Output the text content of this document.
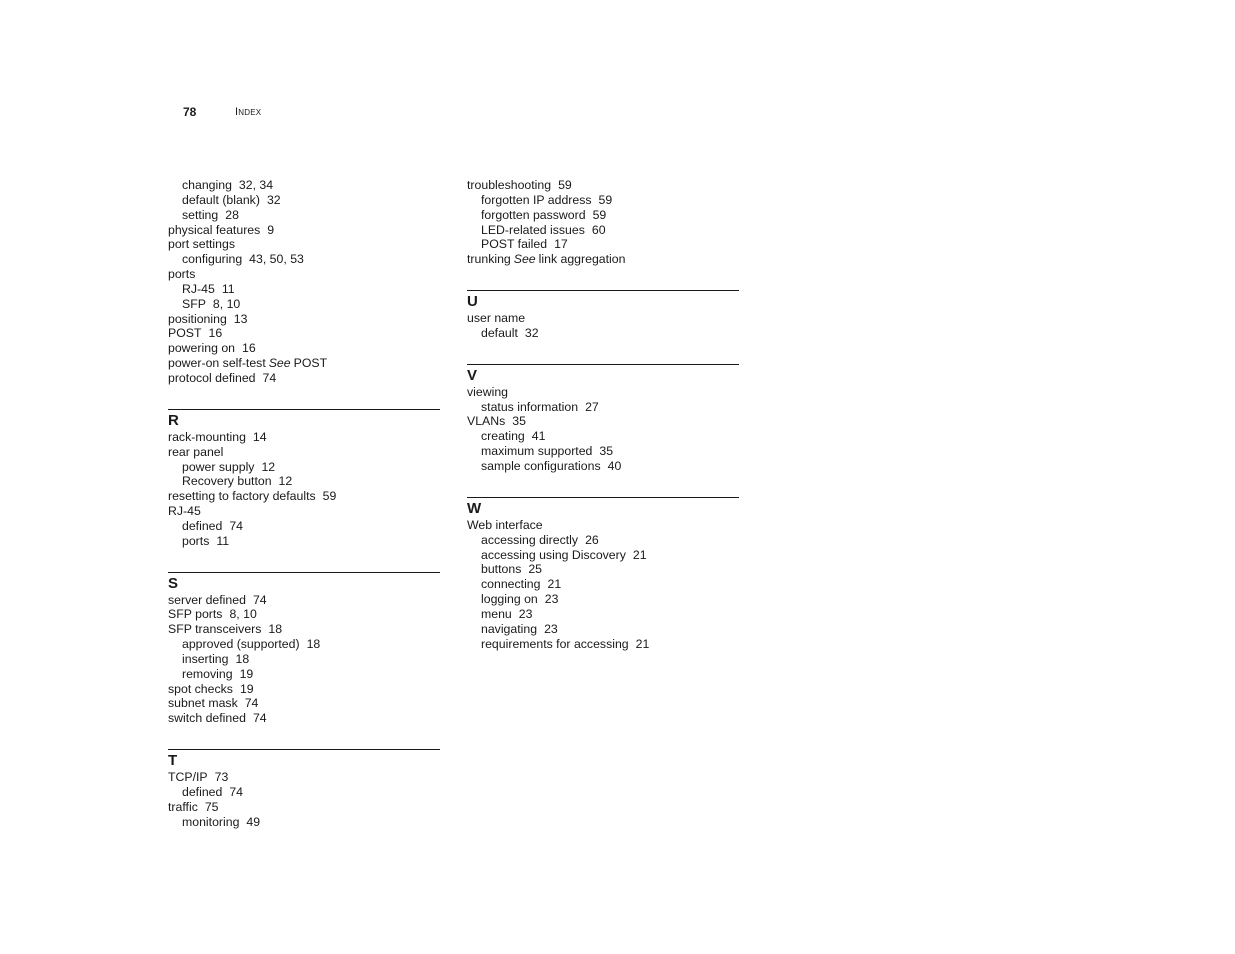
78	Index
changing 32, 34
default (blank) 32
setting 28
physical features 9
port settings
configuring 43, 50, 53
ports
RJ-45 11
SFP 8, 10
positioning 13
POST 16
powering on 16
power-on self-test See POST
protocol defined 74
R
rack-mounting 14
rear panel
power supply 12
Recovery button 12
resetting to factory defaults 59
RJ-45
defined 74
ports 11
S
server defined 74
SFP ports 8, 10
SFP transceivers 18
approved (supported) 18
inserting 18
removing 19
spot checks 19
subnet mask 74
switch defined 74
T
TCP/IP 73
defined 74
traffic 75
monitoring 49
troubleshooting 59
forgotten IP address 59
forgotten password 59
LED-related issues 60
POST failed 17
trunking See link aggregation
U
user name
default 32
V
viewing
status information 27
VLANs 35
creating 41
maximum supported 35
sample configurations 40
W
Web interface
accessing directly 26
accessing using Discovery 21
buttons 25
connecting 21
logging on 23
menu 23
navigating 23
requirements for accessing 21
